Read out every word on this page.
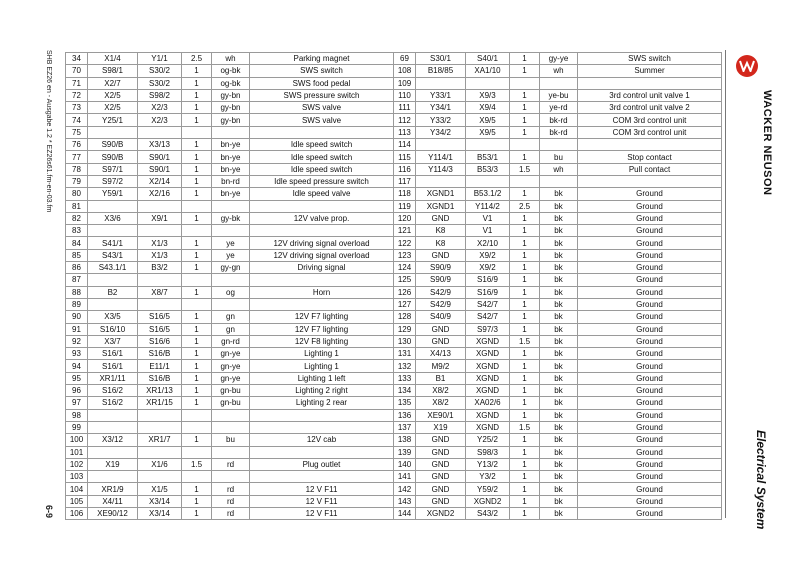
SHB EZ26 en - Ausgabe 1.2 * EZ26s61.fm-en-03.fm
6-9
34	X1/4	Y1/1	2.5	wh	Parking magnet
70	S98/1	S30/2	1	og-bk	SWS switch
71	X2/7	S30/2	1	og-bk	SWS food pedal
72	X2/5	S98/2	1	gy-bn	SWS pressure switch
73	X2/5	X2/3	1	gy-bn	SWS valve
74	Y25/1	X2/3	1	gy-bn	SWS valve
75					
76	S90/B	X3/13	1	bn-ye	Idle speed switch
77	S90/B	S90/1	1	bn-ye	Idle speed switch
78	S97/1	S90/1	1	bn-ye	Idle speed switch
79	S97/2	X2/14	1	bn-rd	Idle speed pressure switch
80	Y59/1	X2/16	1	bn-ye	Idle speed valve
81					
82	X3/6	X9/1	1	gy-bk	12V valve prop.
83					
84	S41/1	X1/3	1	ye	12V driving signal overload
85	S43/1	X1/3	1	ye	12V driving signal overload
86	S43.1/1	B3/2	1	gy-gn	Driving signal
87					
88	B2	X8/7	1	og	Horn
89					
90	X3/5	S16/5	1	gn	12V F7 lighting
91	S16/10	S16/5	1	gn	12V F7 lighting
92	X3/7	S16/6	1	gn-rd	12V F8 lighting
93	S16/1	S16/B	1	gn-ye	Lighting 1
94	S16/1	E11/1	1	gn-ye	Lighting 1
95	XR1/11	S16/B	1	gn-ye	Lighting 1 left
96	S16/2	XR1/13	1	gn-bu	Lighting 2 right
97	S16/2	XR1/15	1	gn-bu	Lighting 2 rear
98					
99					
100	X3/12	XR1/7	1	bu	12V cab
101					
102	X19	X1/6	1.5	rd	Plug outlet
103					
104	XR1/9	X1/5	1	rd	12 V F11
105	X4/11	X3/14	1	rd	12 V F11
106	XE90/12	X3/14	1	rd	12 V F11
69	S30/1	S40/1	1	gy-ye	SWS switch
108	B18/85	XA1/10	1	wh	Summer
109					
110	Y33/1	X9/3	1	ye-bu	3rd control unit valve 1
111	Y34/1	X9/4	1	ye-rd	3rd control unit valve 2
112	Y33/2	X9/5	1	bk-rd	COM 3rd control unit
113	Y34/2	X9/5	1	bk-rd	COM 3rd control unit
114					
115	Y114/1	B53/1	1	bu	Stop contact
116	Y114/3	B53/3	1.5	wh	Pull contact
117					
118	XGND1	B53.1/2	1	bk	Ground
119	XGND1	Y114/2	2.5	bk	Ground
120	GND	V1	1	bk	Ground
121	K8	V1	1	bk	Ground
122	K8	X2/10	1	bk	Ground
123	GND	X9/2	1	bk	Ground
124	S90/9	X9/2	1	bk	Ground
125	S90/9	S16/9	1	bk	Ground
126	S42/9	S16/9	1	bk	Ground
127	S42/9	S42/7	1	bk	Ground
128	S40/9	S42/7	1	bk	Ground
129	GND	S97/3	1	bk	Ground
130	GND	XGND	1.5	bk	Ground
131	X4/13	XGND	1	bk	Ground
132	M9/2	XGND	1	bk	Ground
133	B1	XGND	1	bk	Ground
134	X8/2	XGND	1	bk	Ground
135	X8/2	XA02/6	1	bk	Ground
136	XE90/1	XGND	1	bk	Ground
137	X19	XGND	1.5	bk	Ground
138	GND	Y25/2	1	bk	Ground
139	GND	S98/3	1	bk	Ground
140	GND	Y13/2	1	bk	Ground
141	GND	Y3/2	1	bk	Ground
142	GND	Y59/2	1	bk	Ground
143	GND	XGND2	1	bk	Ground
144	XGND2	S43/2	1	bk	Ground
WACKER NEUSON
Electrical System
